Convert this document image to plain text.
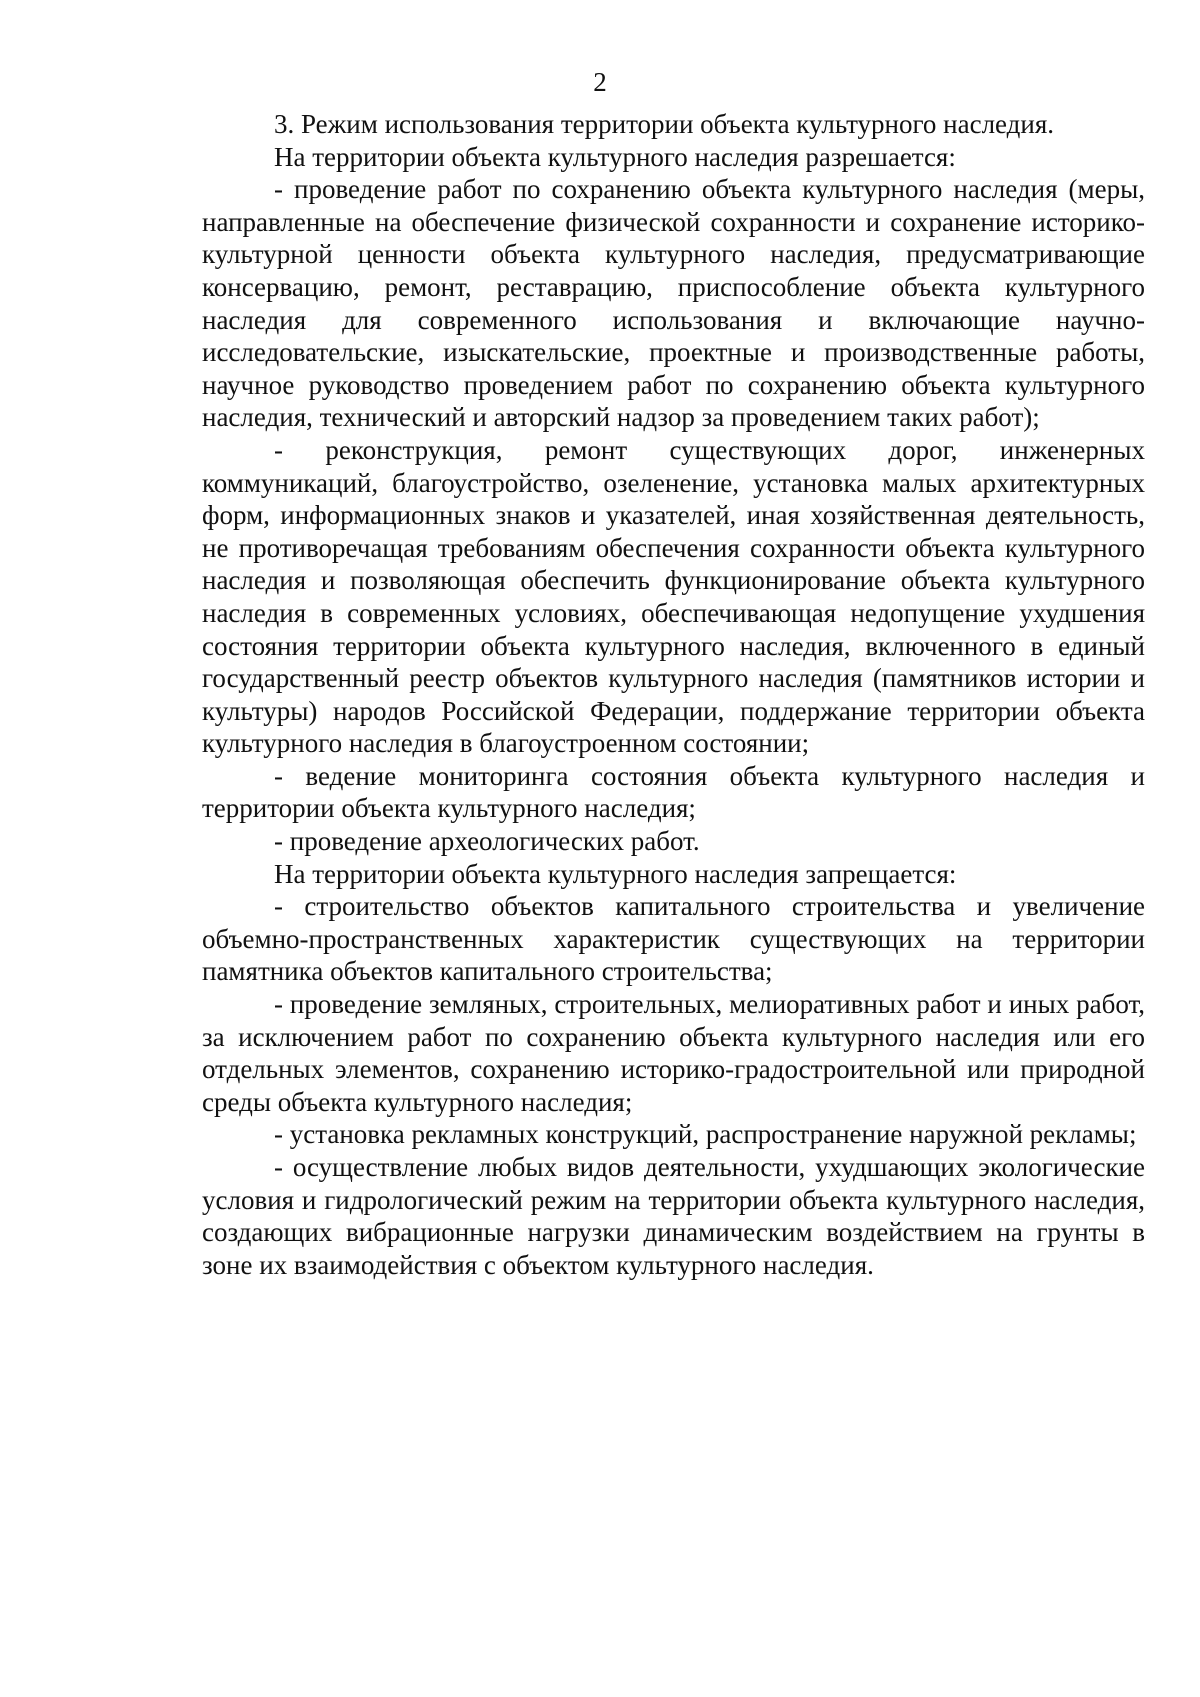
2

3. Режим использования территории объекта культурного наследия.

На территории объекта культурного наследия разрешается:

- проведение работ по сохранению объекта культурного наследия (меры, направленные на обеспечение физической сохранности и сохранение историко-культурной ценности объекта культурного наследия, предусматривающие консервацию, ремонт, реставрацию, приспособление объекта культурного наследия для современного использования и включающие научно-исследовательские, изыскательские, проектные и производственные работы, научное руководство проведением работ по сохранению объекта культурного наследия, технический и авторский надзор за проведением таких работ);

- реконструкция, ремонт существующих дорог, инженерных коммуникаций, благоустройство, озеленение, установка малых архитектурных форм, информационных знаков и указателей, иная хозяйственная деятельность, не противоречащая требованиям обеспечения сохранности объекта культурного наследия и позволяющая обеспечить функционирование объекта культурного наследия в современных условиях, обеспечивающая недопущение ухудшения состояния территории объекта культурного наследия, включенного в единый государственный реестр объектов культурного наследия (памятников истории и культуры) народов Российской Федерации, поддержание территории объекта культурного наследия в благоустроенном состоянии;

- ведение мониторинга состояния объекта культурного наследия и территории объекта культурного наследия;

- проведение археологических работ.

На территории объекта культурного наследия запрещается:

- строительство объектов капитального строительства и увеличение объемно-пространственных характеристик существующих на территории памятника объектов капитального строительства;

- проведение земляных, строительных, мелиоративных работ и иных работ, за исключением работ по сохранению объекта культурного наследия или его отдельных элементов, сохранению историко-градостроительной или природной среды объекта культурного наследия;

- установка рекламных конструкций, распространение наружной рекламы;

- осуществление любых видов деятельности, ухудшающих экологические условия и гидрологический режим на территории объекта культурного наследия, создающих вибрационные нагрузки динамическим воздействием на грунты в зоне их взаимодействия с объектом культурного наследия.
